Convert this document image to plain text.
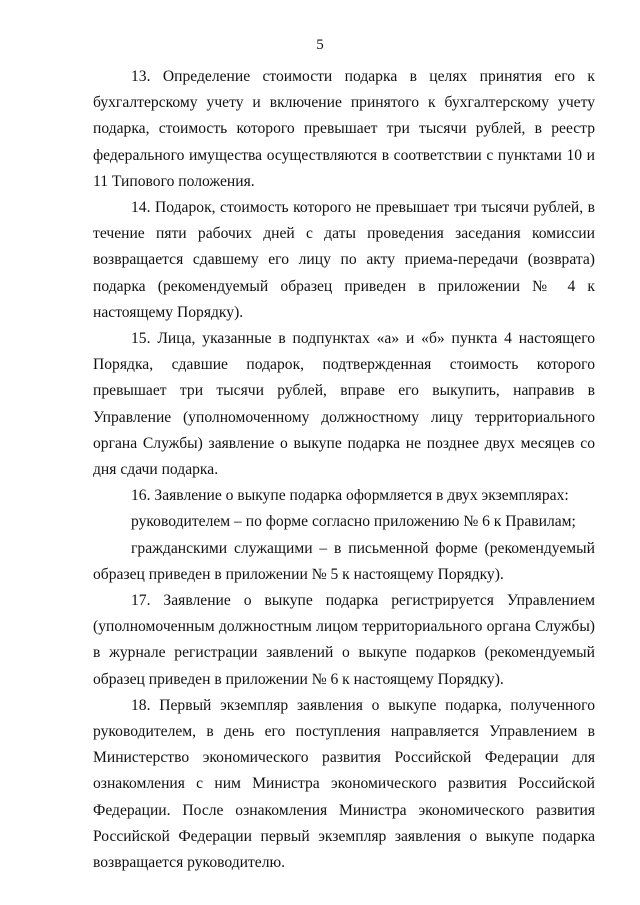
5

13. Определение стоимости подарка в целях принятия его к бухгалтерскому учету и включение принятого к бухгалтерскому учету подарка, стоимость которого превышает три тысячи рублей, в реестр федерального имущества осуществляются в соответствии с пунктами 10 и 11 Типового положения.

14. Подарок, стоимость которого не превышает три тысячи рублей, в течение пяти рабочих дней с даты проведения заседания комиссии возвращается сдавшему его лицу по акту приема-передачи (возврата) подарка (рекомендуемый образец приведен в приложении № 4 к настоящему Порядку).

15. Лица, указанные в подпунктах «а» и «б» пункта 4 настоящего Порядка, сдавшие подарок, подтвержденная стоимость которого превышает три тысячи рублей, вправе его выкупить, направив в Управление (уполномоченному должностному лицу территориального органа Службы) заявление о выкупе подарка не позднее двух месяцев со дня сдачи подарка.

16. Заявление о выкупе подарка оформляется в двух экземплярах:

руководителем – по форме согласно приложению № 6 к Правилам;

гражданскими служащими – в письменной форме (рекомендуемый образец приведен в приложении № 5 к настоящему Порядку).

17. Заявление о выкупе подарка регистрируется Управлением (уполномоченным должностным лицом территориального органа Службы) в журнале регистрации заявлений о выкупе подарков (рекомендуемый образец приведен в приложении № 6 к настоящему Порядку).

18. Первый экземпляр заявления о выкупе подарка, полученного руководителем, в день его поступления направляется Управлением в Министерство экономического развития Российской Федерации для ознакомления с ним Министра экономического развития Российской Федерации. После ознакомления Министра экономического развития Российской Федерации первый экземпляр заявления о выкупе подарка возвращается руководителю.
